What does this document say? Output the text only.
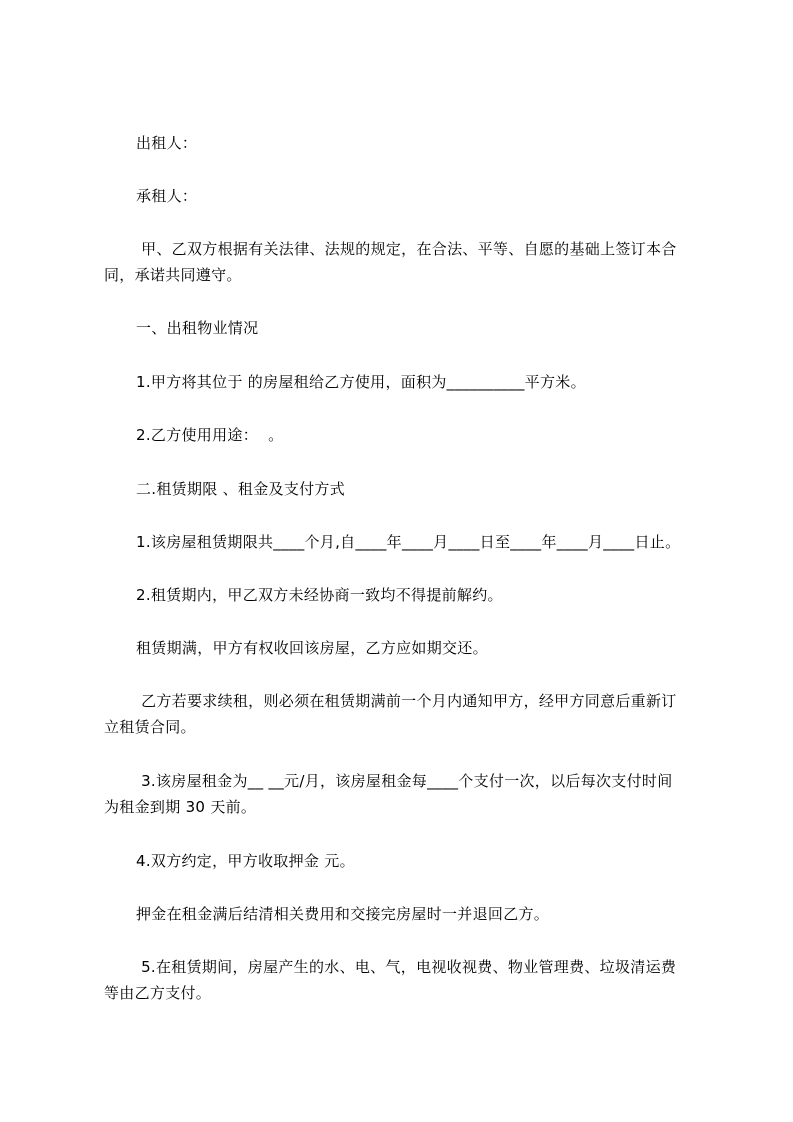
出租人：
承租人：
甲、乙双方根据有关法律、法规的规定，在合法、平等、自愿的基础上签订本合
同，承诺共同遵守。
一、出租物业情况
1.甲方将其位于 的房屋租给乙方使用，面积为__________平方米。
2.乙方使用用途：  。
二.租赁期限 、租金及支付方式
1.该房屋租赁期限共____个月,自____年____月____日至____年____月____日止。
2.租赁期内，甲乙双方未经协商一致均不得提前解约。
租赁期满，甲方有权收回该房屋，乙方应如期交还。
乙方若要求续租，则必须在租赁期满前一个月内通知甲方，经甲方同意后重新订
立租赁合同。
3.该房屋租金为__ __元/月，该房屋租金每____个支付一次，以后每次支付时间
为租金到期 30 天前。
4.双方约定，甲方收取押金 元。
押金在租金满后结清相关费用和交接完房屋时一并退回乙方。
5.在租赁期间，房屋产生的水、电、气，电视收视费、物业管理费、垃圾清运费
等由乙方支付。
